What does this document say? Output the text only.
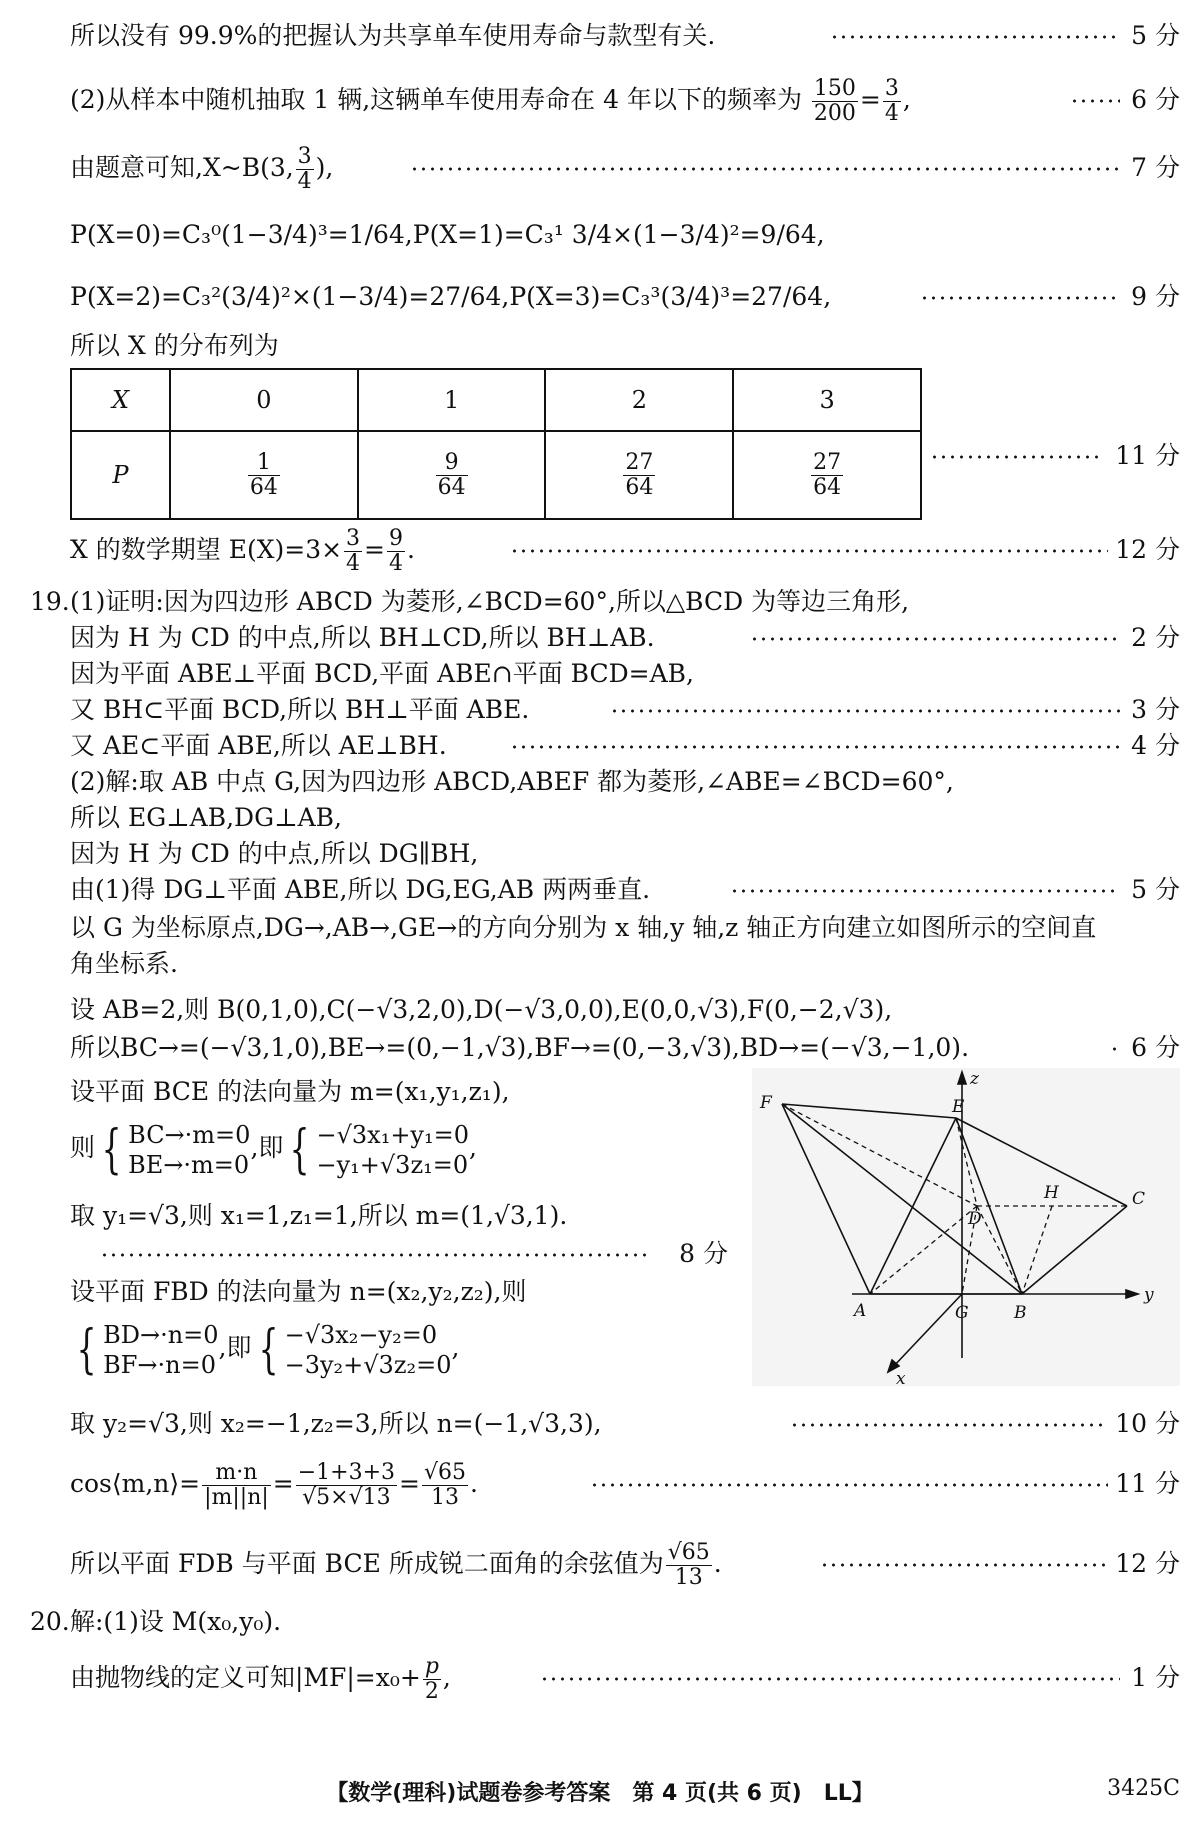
所以没有 99.9%的把握认为共享单车使用寿命与款型有关.	5 分
(2)从样本中随机抽取 1 辆,这辆单车使用寿命在 4 年以下的频率为 $\frac{150}{200} = \frac{3}{4}$ ,	6 分
由题意可知,X~B(3, $\frac{3}{4}$ ),	7 分
P(X=0)=C₃⁰(1−3/4)³=1/64,P(X=1)=C₃¹ 3/4×(1−3/4)²=9/64,
P(X=2)=C₃²(3/4)²×(1−3/4)=27/64,P(X=3)=C₃³(3/4)³=27/64,	9 分
所以 X 的分布列为
X	0	1	2	3
P	$\frac{1}{64}$	$\frac{9}{64}$	$\frac{27}{64}$	$\frac{27}{64}$	11 分
X 的数学期望 $E(X)=3\times \frac{3}{4} = \frac{9}{4}$ .	12 分
19. (1)证明:因为四边形 ABCD 为菱形,∠BCD=60°,所以△BCD 为等边三角形,
因为 H 为 CD 的中点,所以 BH⊥CD,所以 BH⊥AB.	2 分
因为平面 ABE⊥平面 BCD,平面 ABE∩平面 BCD=AB,
又 BH⊂平面 BCD,所以 BH⊥平面 ABE.	3 分
又 AE⊂平面 ABE,所以 AE⊥BH.	4 分
(2)解:取 AB 中点 G,因为四边形 ABCD,ABEF 都为菱形,∠ABE=∠BCD=60°,
所以 EG⊥AB,DG⊥AB,
因为 H 为 CD 的中点,所以 DG∥BH,
由(1)得 DG⊥平面 ABE,所以 DG,EG,AB 两两垂直.	5 分
以 G 为坐标原点,DG→,AB→,GE→的方向分别为 x 轴,y 轴,z 轴正方向建立如图所示的空间直
角坐标系.
设 AB=2,则 B(0,1,0),C(−√3,2,0),D(−√3,0,0),E(0,0,√3),F(0,−2,√3),
所以BC→=(−√3,1,0),BE→=(0,−1,√3),BF→=(0,−3,√3),BD→=(−√3,−1,0).	6 分
设平面 BCE 的法向量为 m=(x₁,y₁,z₁),
则 { BC→·m=0
BE→·m=0
,即 { −√3x₁+y₁=0
−y₁+√3z₁=0
,
取 y₁=√3,则 x₁=1,z₁=1,所以 m=(1,√3,1).
8 分
设平面 FBD 的法向量为 n=(x₂,y₂,z₂),则
{ BD→·n=0
BF→·n=0
,即 { −√3x₂−y₂=0
−3y₂+√3z₂=0
,
取 y₂=√3,则 x₂=−1,z₂=3,所以 n=(−1,√3,3),	10 分
cos⟨m,n⟩= $\frac{m\cdot n}{|m||n|} = \frac{-1+3+3}{√5\times√13} = \frac{√65}{13}$ .	11 分
所以平面 FDB 与平面 BCE 所成锐二面角的余弦值为 $\frac{√65}{13}$ .	12 分
20. 解:(1)设 M(x₀,y₀).
由抛物线的定义可知$|MF|=x_0+ \frac{p}{2}$ ,	1 分
F	E
z
H	C
D
A	G	B
y
x
【数学(理科)试题卷参考答案　第 4 页(共 6 页)　LL】	3425C
